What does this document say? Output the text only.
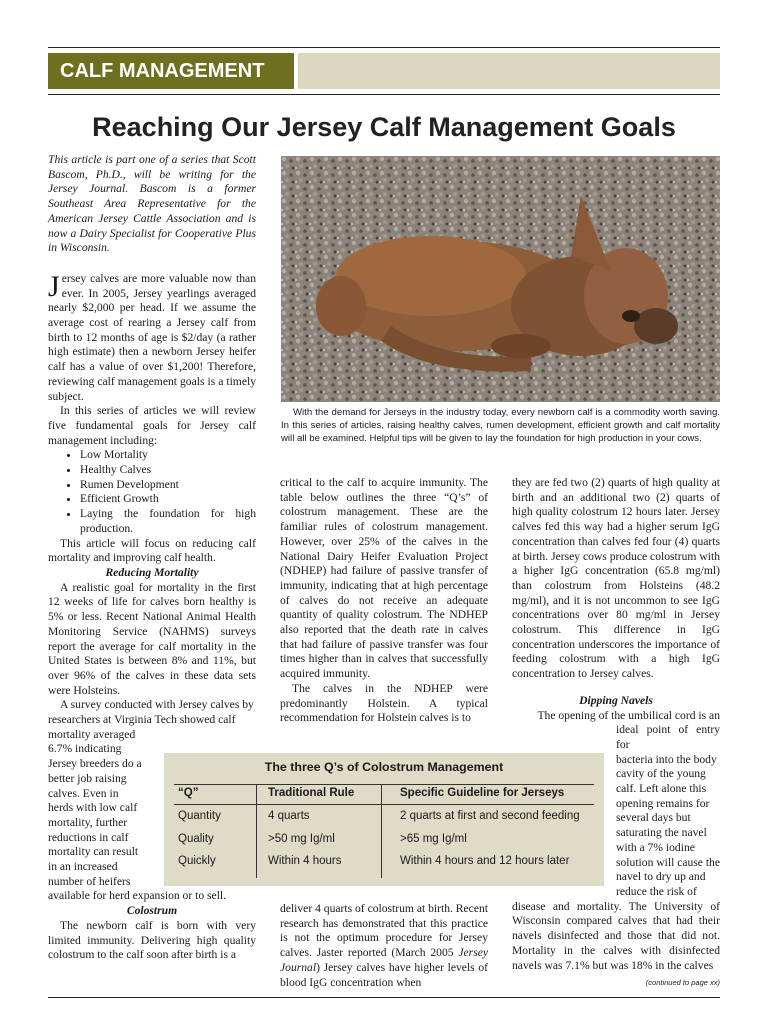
CALF MANAGEMENT
Reaching Our Jersey Calf Management Goals

This article is part one of a series that Scott Bascom, Ph.D., will be writing for the Jersey Journal. Bascom is a former Southeast Area Representative for the American Jersey Cattle Association and is now a Dairy Specialist for Cooperative Plus in Wisconsin.

Jersey calves are more valuable now than ever. In 2005, Jersey yearlings averaged nearly $2,000 per head. If we assume the average cost of rearing a Jersey calf from birth to 12 months of age is $2/day (a rather high estimate) then a newborn Jersey heifer calf has a value of over $1,200! Therefore, reviewing calf management goals is a timely subject.

In this series of articles we will review five fundamental goals for Jersey calf management including:

• Low Mortality
• Healthy Calves
• Rumen Development
• Efficient Growth
• Laying the foundation for high production.

This article will focus on reducing calf mortality and improving calf health.

Reducing Mortality

A realistic goal for mortality in the first 12 weeks of life for calves born healthy is 5% or less. Recent National Animal Health Monitoring Service (NAHMS) surveys report the average for calf mortality in the United States is between 8% and 11%, but over 96% of the calves in these data sets were Holsteins.

A survey conducted with Jersey calves by researchers at Virginia Tech showed calf

mortality averaged
6.7% indicating
Jersey breeders do a
better job raising
calves. Even in
herds with low calf
mortality, further
reductions in calf
mortality can result
in an increased
number of heifers

available for herd expansion or to sell.

Colostrum

The newborn calf is born with very limited immunity. Delivering high quality colostrum to the calf soon after birth is a

With the demand for Jerseys in the industry today, every newborn calf is a commodity worth saving. In this series of articles, raising healthy calves, rumen development, efficient growth and calf mortality will all be examined. Helpful tips will be given to lay the foundation for high production in your cows.

critical to the calf to acquire immunity. The table below outlines the three “Q’s” of colostrum management. These are the familiar rules of colostrum management. However, over 25% of the calves in the National Dairy Heifer Evaluation Project (NDHEP) had failure of passive transfer of immunity, indicating that at high percentage of calves do not receive an adequate quantity of quality colostrum. The NDHEP also reported that the death rate in calves that had failure of passive transfer was four times higher than in calves that successfully acquired immunity.

The calves in the NDHEP were predominantly Holstein. A typical recommendation for Holstein calves is to

deliver 4 quarts of colostrum at birth. Recent research has demonstrated that this practice is not the optimum procedure for Jersey calves. Jaster reported (March 2005 Jersey Journal) Jersey calves have higher levels of blood IgG concentration when

they are fed two (2) quarts of high quality at birth and an additional two (2) quarts of high quality colostrum 12 hours later. Jersey calves fed this way had a higher serum IgG concentration than calves fed four (4) quarts at birth. Jersey cows produce colostrum with a higher IgG concentration (65.8 mg/ml) than colostrum from Holsteins (48.2 mg/ml), and it is not uncommon to see IgG concentrations over 80 mg/ml in Jersey colostrum. This difference in IgG concentration underscores the importance of feeding colostrum with a high IgG concentration to Jersey calves.

Dipping Navels

The opening of the umbilical cord is an

ideal point of entry for
bacteria into the body
cavity of the young
calf. Left alone this
opening remains for
several days but
saturating the navel
with a 7% iodine
solution will cause the
navel to dry up and
reduce the risk of

disease and mortality. The University of Wisconsin compared calves that had their navels disinfected and those that did not. Mortality in the calves with disinfected navels was 7.1% but was 18% in the calves

The three Q’s of Colostrum Management
“Q”	Traditional Rule	Specific Guideline for Jerseys
Quantity	4 quarts	2 quarts at first and second feeding
Quality	>50 mg Ig/ml	>65 mg Ig/ml
Quickly	Within 4 hours	Within 4 hours and 12 hours later
(continued to page xx)
